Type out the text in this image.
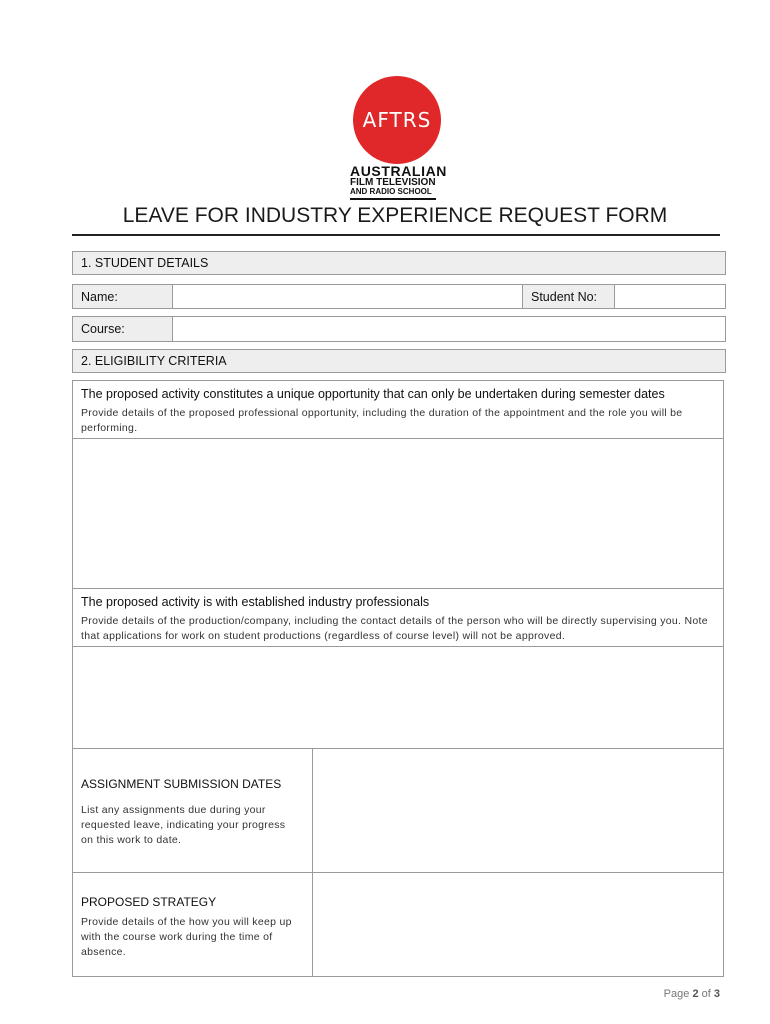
AFTRS
AUSTRALIAN
FILM TELEVISION
AND RADIO SCHOOL
LEAVE FOR INDUSTRY EXPERIENCE REQUEST FORM
1. STUDENT DETAILS
Name:	Student No:
Course:
2. ELIGIBILITY CRITERIA
The proposed activity constitutes a unique opportunity that can only be undertaken during semester dates
Provide details of the proposed professional opportunity, including the duration of the appointment and the role you will be performing.
The proposed activity is with established industry professionals
Provide details of the production/company, including the contact details of the person who will be directly supervising you. Note that applications for work on student productions (regardless of course level) will not be approved.
ASSIGNMENT SUBMISSION DATES
List any assignments due during your requested leave, indicating your progress on this work to date.
PROPOSED STRATEGY
Provide details of the how you will keep up with the course work during the time of absence.
Page 2 of 3
